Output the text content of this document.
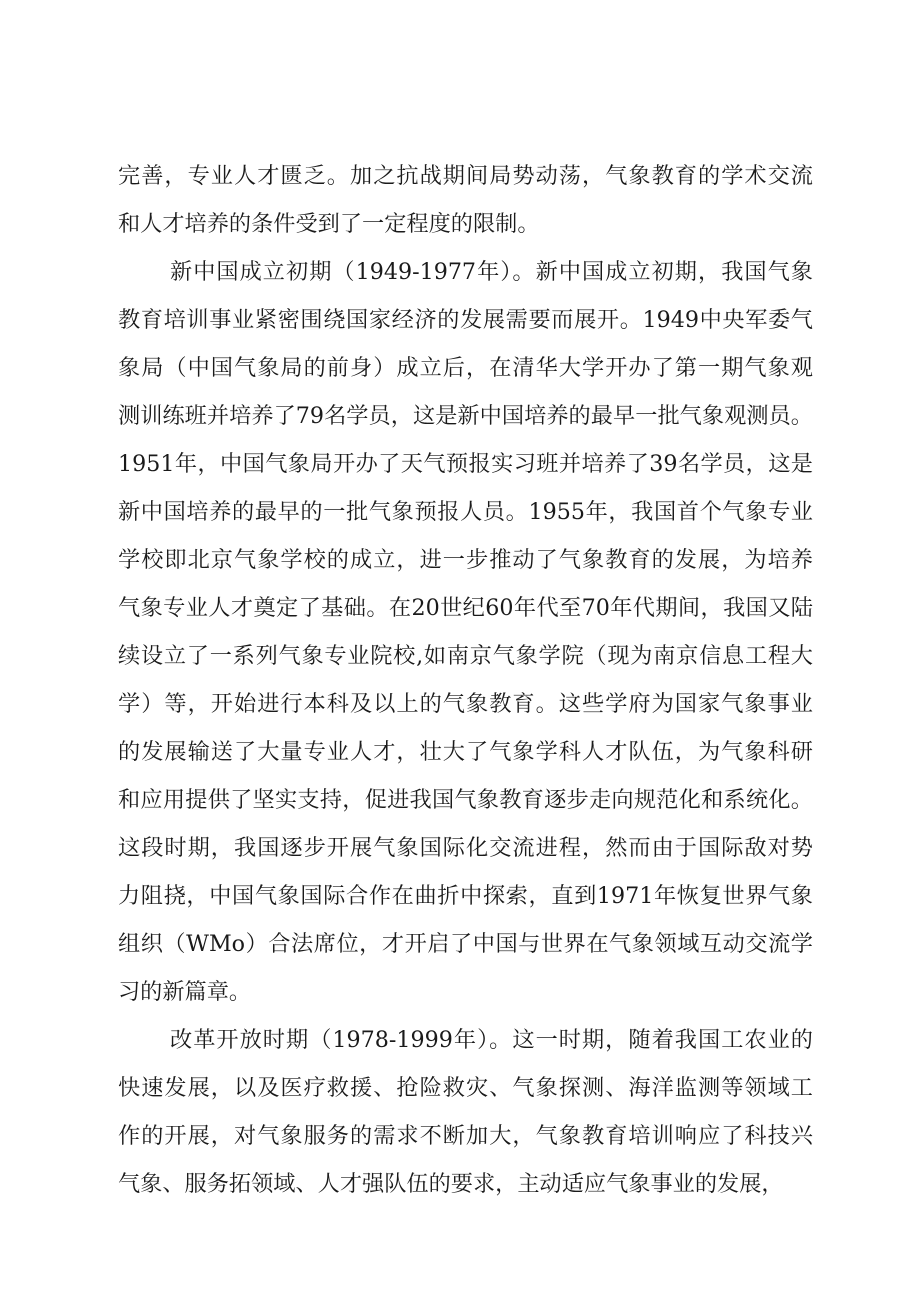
完善，专业人才匮乏。加之抗战期间局势动荡，气象教育的学术交流
和人才培养的条件受到了一定程度的限制。
新中国成立初期（1949-1977年）。新中国成立初期，我国气象
教育培训事业紧密围绕国家经济的发展需要而展开。1949中央军委气
象局（中国气象局的前身）成立后，在清华大学开办了第一期气象观
测训练班并培养了79名学员，这是新中国培养的最早一批气象观测员。
1951年，中国气象局开办了天气预报实习班并培养了39名学员，这是
新中国培养的最早的一批气象预报人员。1955年，我国首个气象专业
学校即北京气象学校的成立，进一步推动了气象教育的发展，为培养
气象专业人才奠定了基础。在20世纪60年代至70年代期间，我国又陆
续设立了一系列气象专业院校,如南京气象学院（现为南京信息工程大
学）等，开始进行本科及以上的气象教育。这些学府为国家气象事业
的发展输送了大量专业人才，壮大了气象学科人才队伍，为气象科研
和应用提供了坚实支持，促进我国气象教育逐步走向规范化和系统化。
这段时期，我国逐步开展气象国际化交流进程，然而由于国际敌对势
力阻挠，中国气象国际合作在曲折中探索，直到1971年恢复世界气象
组织（WMo）合法席位，才开启了中国与世界在气象领域互动交流学
习的新篇章。
改革开放时期（1978-1999年）。这一时期，随着我国工农业的
快速发展，以及医疗救援、抢险救灾、气象探测、海洋监测等领域工
作的开展，对气象服务的需求不断加大，气象教育培训响应了科技兴
气象、服务拓领域、人才强队伍的要求，主动适应气象事业的发展，
